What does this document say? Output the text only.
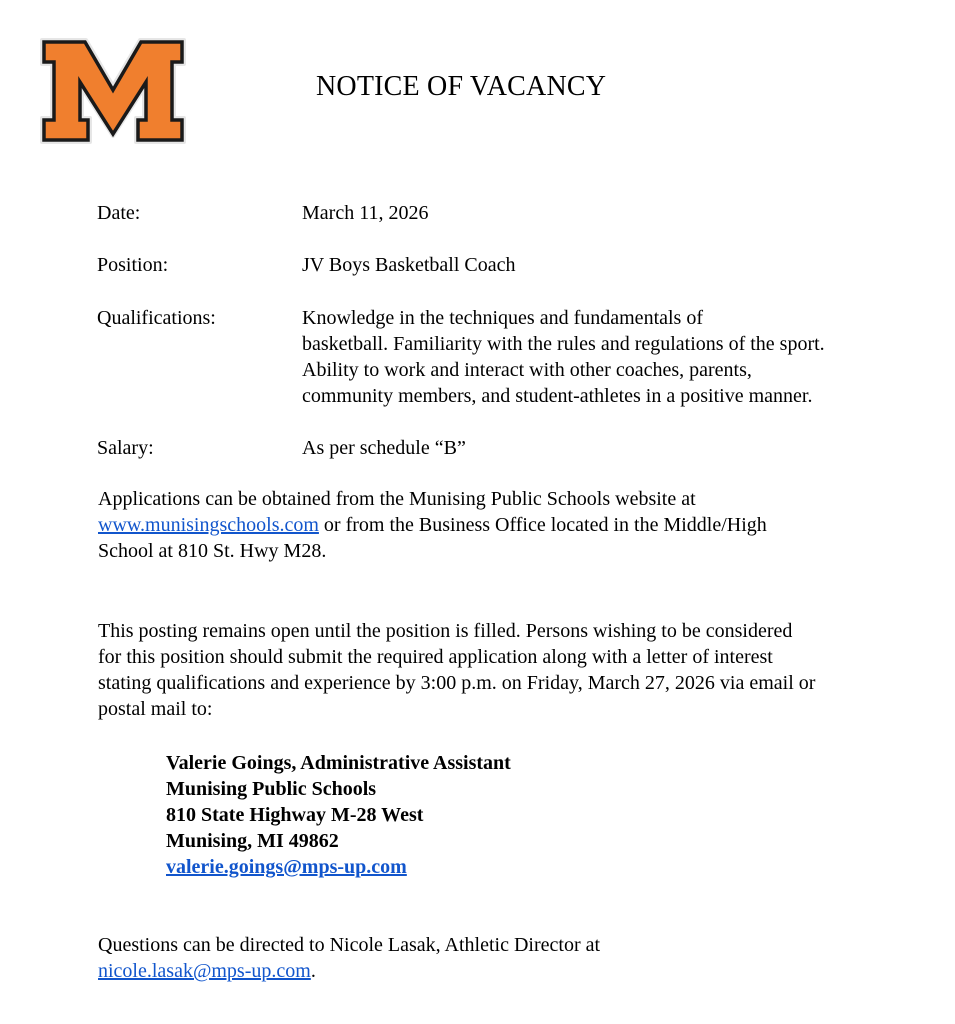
NOTICE OF VACANCY
Date:	March 11, 2026
Position:	JV Boys Basketball Coach
Qualifications:	Knowledge in the techniques and fundamentals of
basketball. Familiarity with the rules and regulations of the sport.
Ability to work and interact with other coaches, parents,
community members, and student-athletes in a positive manner.
Salary:	As per schedule “B”
Applications can be obtained from the Munising Public Schools website at
www.munisingschools.com or from the Business Office located in the Middle/High
School at 810 St. Hwy M28.
This posting remains open until the position is filled. Persons wishing to be considered
for this position should submit the required application along with a letter of interest
stating qualifications and experience by 3:00 p.m. on Friday, March 27, 2026 via email or
postal mail to:
Valerie Goings, Administrative Assistant
Munising Public Schools
810 State Highway M-28 West
Munising, MI 49862
valerie.goings@mps-up.com
Questions can be directed to Nicole Lasak, Athletic Director at
nicole.lasak@mps-up.com.
